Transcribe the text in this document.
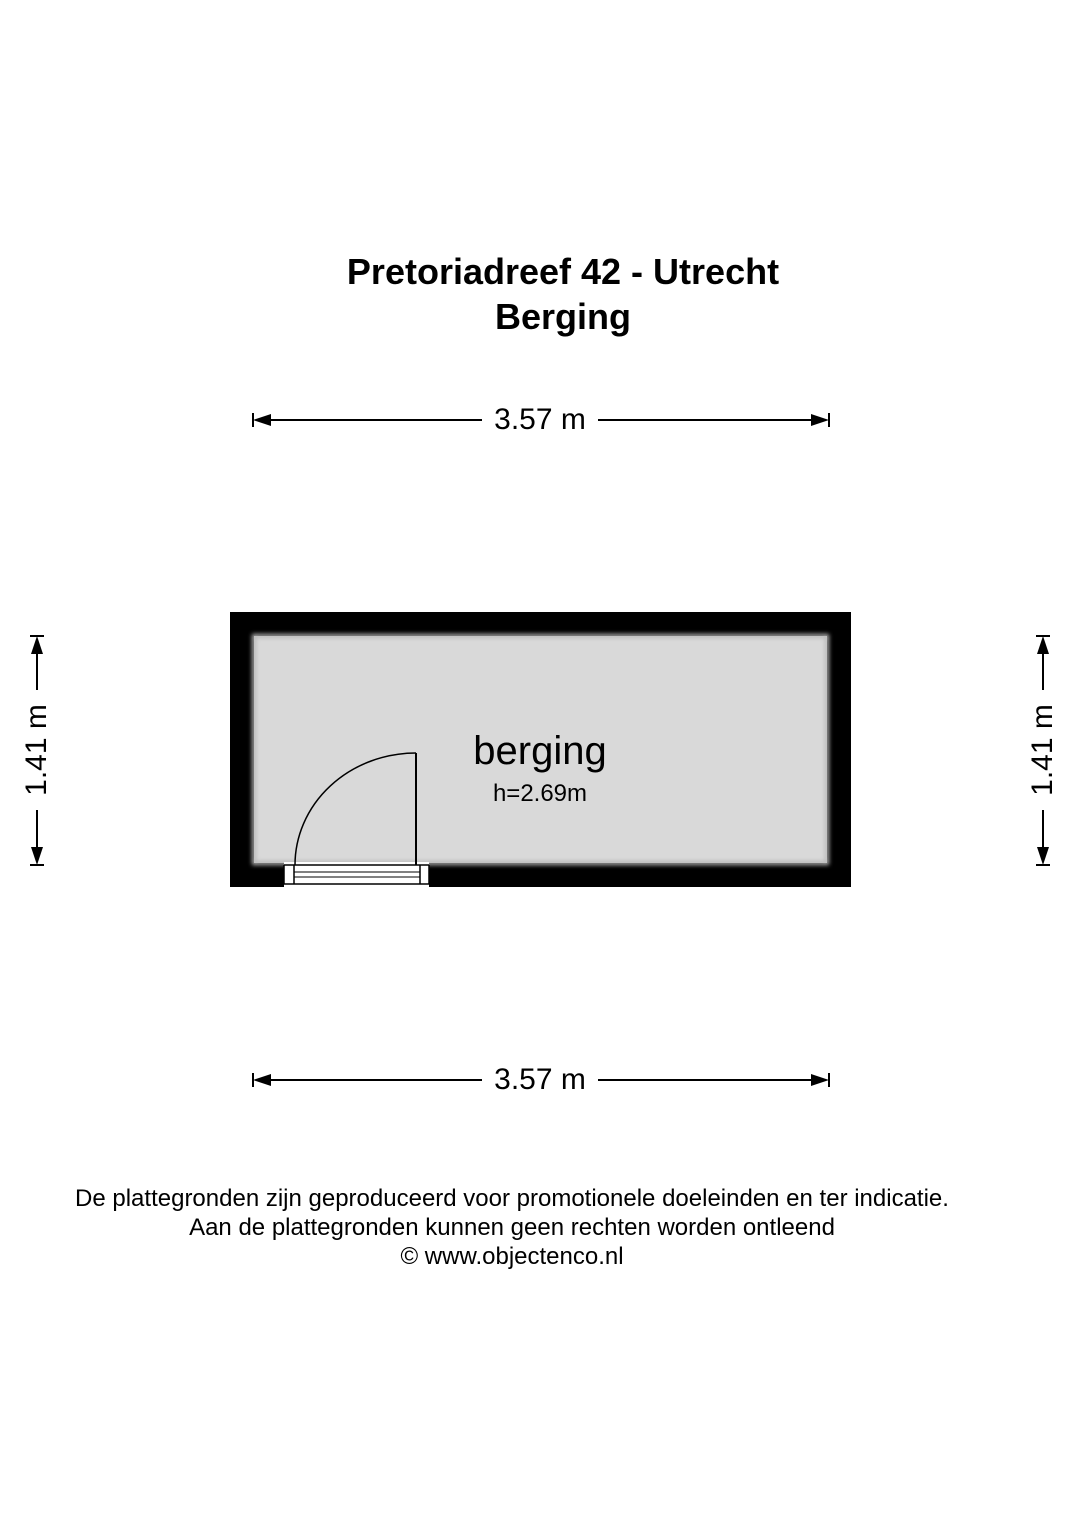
Pretoriadreef 42 - Utrecht
Berging
3.57 m
3.57 m
1.41 m	1.41 m
berging
h=2.69m
De plattegronden zijn geproduceerd voor promotionele doeleinden en ter indicatie.
Aan de plattegronden kunnen geen rechten worden ontleend
© www.objectenco.nl
